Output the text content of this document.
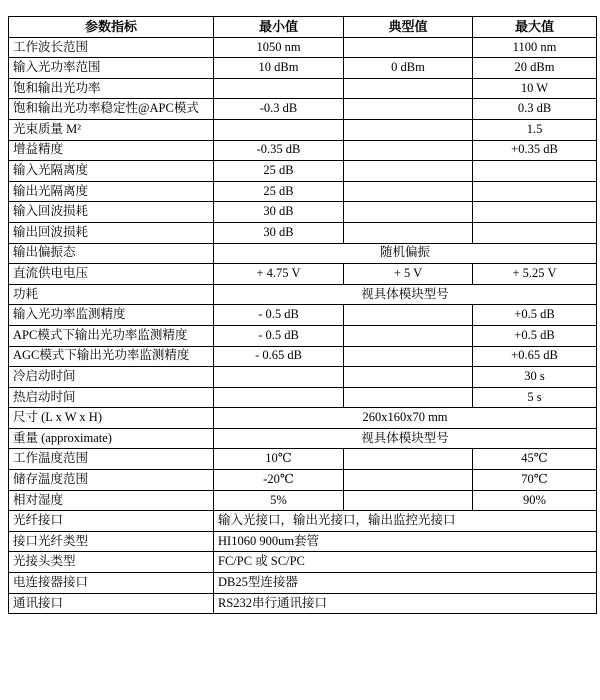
参数指标	最小值	典型值	最大值
工作波长范围	1050 nm		1100 nm
输入光功率范围	10 dBm	0 dBm	20 dBm
饱和输出光功率			10 W
饱和输出光功率稳定性@APC模式	-0.3 dB		0.3 dB
光束质量 M²			1.5
增益精度	-0.35 dB		+0.35 dB
输入光隔离度	25 dB		
输出光隔离度	25 dB		
输入回波损耗	30 dB		
输出回波损耗	30 dB		
输出偏振态	随机偏振		
直流供电电压	+ 4.75 V	+ 5 V	+ 5.25 V
功耗	视具体模块型号		
输入光功率监测精度	- 0.5 dB		+0.5 dB
APC模式下输出光功率监测精度	- 0.5 dB		+0.5 dB
AGC模式下输出光功率监测精度	- 0.65 dB		+0.65 dB
冷启动时间			30 s
热启动时间			5 s
尺寸 (L x W x H)	260x160x70 mm		
重量 (approximate)	视具体模块型号		
工作温度范围	10℃		45℃
储存温度范围	-20℃		70℃
相对湿度	5%		90%
光纤接口	输入光接口，输出光接口，输出监控光接口		
接口光纤类型	HI1060 900um套管		
光接头类型	FC/PC 或 SC/PC		
电连接器接口	DB25型连接器		
通讯接口	RS232串行通讯接口		
